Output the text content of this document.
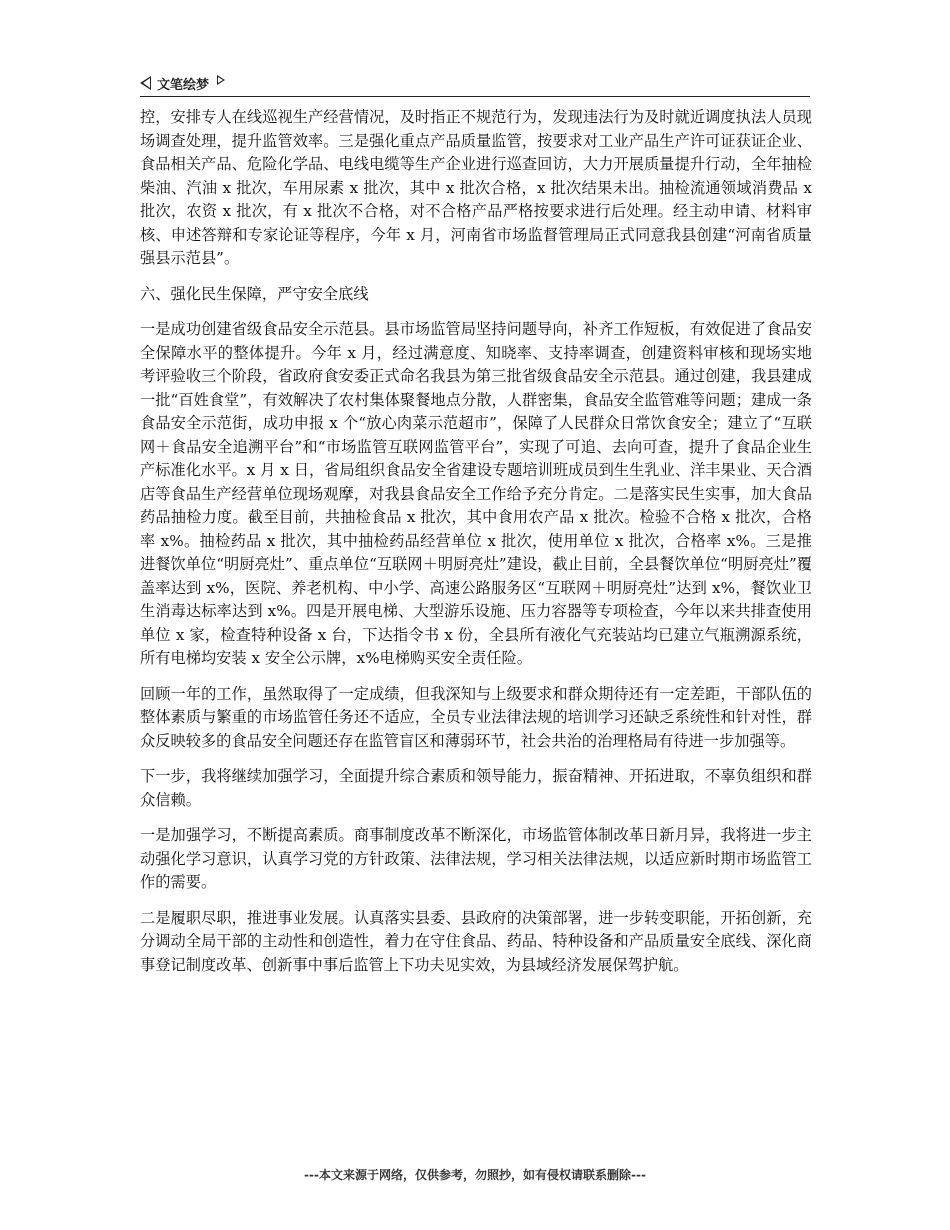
文笔绘梦

控，安排专人在线巡视生产经营情况，及时指正不规范行为，发现违法行为及时就近调度执法人员现场调查处理，提升监管效率。三是强化重点产品质量监管，按要求对工业产品生产许可证获证企业、食品相关产品、危险化学品、电线电缆等生产企业进行巡查回访，大力开展质量提升行动，全年抽检柴油、汽油 x 批次，车用尿素 x 批次，其中 x 批次合格，x 批次结果未出。抽检流通领域消费品 x 批次，农资 x 批次，有 x 批次不合格，对不合格产品严格按要求进行后处理。经主动申请、材料审核、申述答辩和专家论证等程序，今年 x 月，河南省市场监督管理局正式同意我县创建“河南省质量强县示范县”。

六、强化民生保障，严守安全底线

一是成功创建省级食品安全示范县。县市场监管局坚持问题导向，补齐工作短板，有效促进了食品安全保障水平的整体提升。今年 x 月，经过满意度、知晓率、支持率调查，创建资料审核和现场实地考评验收三个阶段，省政府食安委正式命名我县为第三批省级食品安全示范县。通过创建，我县建成一批“百姓食堂”，有效解决了农村集体聚餐地点分散，人群密集，食品安全监管难等问题；建成一条食品安全示范街，成功申报 x 个“放心肉菜示范超市”，保障了人民群众日常饮食安全；建立了“互联网＋食品安全追溯平台”和“市场监管互联网监管平台”，实现了可追、去向可查，提升了食品企业生产标准化水平。x 月 x 日，省局组织食品安全省建设专题培训班成员到生生乳业、洋丰果业、天合酒店等食品生产经营单位现场观摩，对我县食品安全工作给予充分肯定。二是落实民生实事，加大食品药品抽检力度。截至目前，共抽检食品 x 批次，其中食用农产品 x 批次。检验不合格 x 批次，合格率 x%。抽检药品 x 批次，其中抽检药品经营单位 x 批次，使用单位 x 批次，合格率 x%。三是推进餐饮单位“明厨亮灶”、重点单位“互联网＋明厨亮灶”建设，截止目前，全县餐饮单位“明厨亮灶”覆盖率达到 x%，医院、养老机构、中小学、高速公路服务区“互联网＋明厨亮灶”达到 x%，餐饮业卫生消毒达标率达到 x%。四是开展电梯、大型游乐设施、压力容器等专项检查，今年以来共排查使用单位 x 家，检查特种设备 x 台，下达指令书 x 份，全县所有液化气充装站均已建立气瓶溯源系统，所有电梯均安装 x 安全公示牌，x%电梯购买安全责任险。

回顾一年的工作，虽然取得了一定成绩，但我深知与上级要求和群众期待还有一定差距，干部队伍的整体素质与繁重的市场监管任务还不适应，全员专业法律法规的培训学习还缺乏系统性和针对性，群众反映较多的食品安全问题还存在监管盲区和薄弱环节，社会共治的治理格局有待进一步加强等。

下一步，我将继续加强学习，全面提升综合素质和领导能力，振奋精神、开拓进取，不辜负组织和群众信赖。

一是加强学习，不断提高素质。商事制度改革不断深化，市场监管体制改革日新月异，我将进一步主动强化学习意识，认真学习党的方针政策、法律法规，学习相关法律法规，以适应新时期市场监管工作的需要。

二是履职尽职，推进事业发展。认真落实县委、县政府的决策部署，进一步转变职能，开拓创新，充分调动全局干部的主动性和创造性，着力在守住食品、药品、特种设备和产品质量安全底线、深化商事登记制度改革、创新事中事后监管上下功夫见实效，为县域经济发展保驾护航。

---本文来源于网络，仅供参考，勿照抄，如有侵权请联系删除---
